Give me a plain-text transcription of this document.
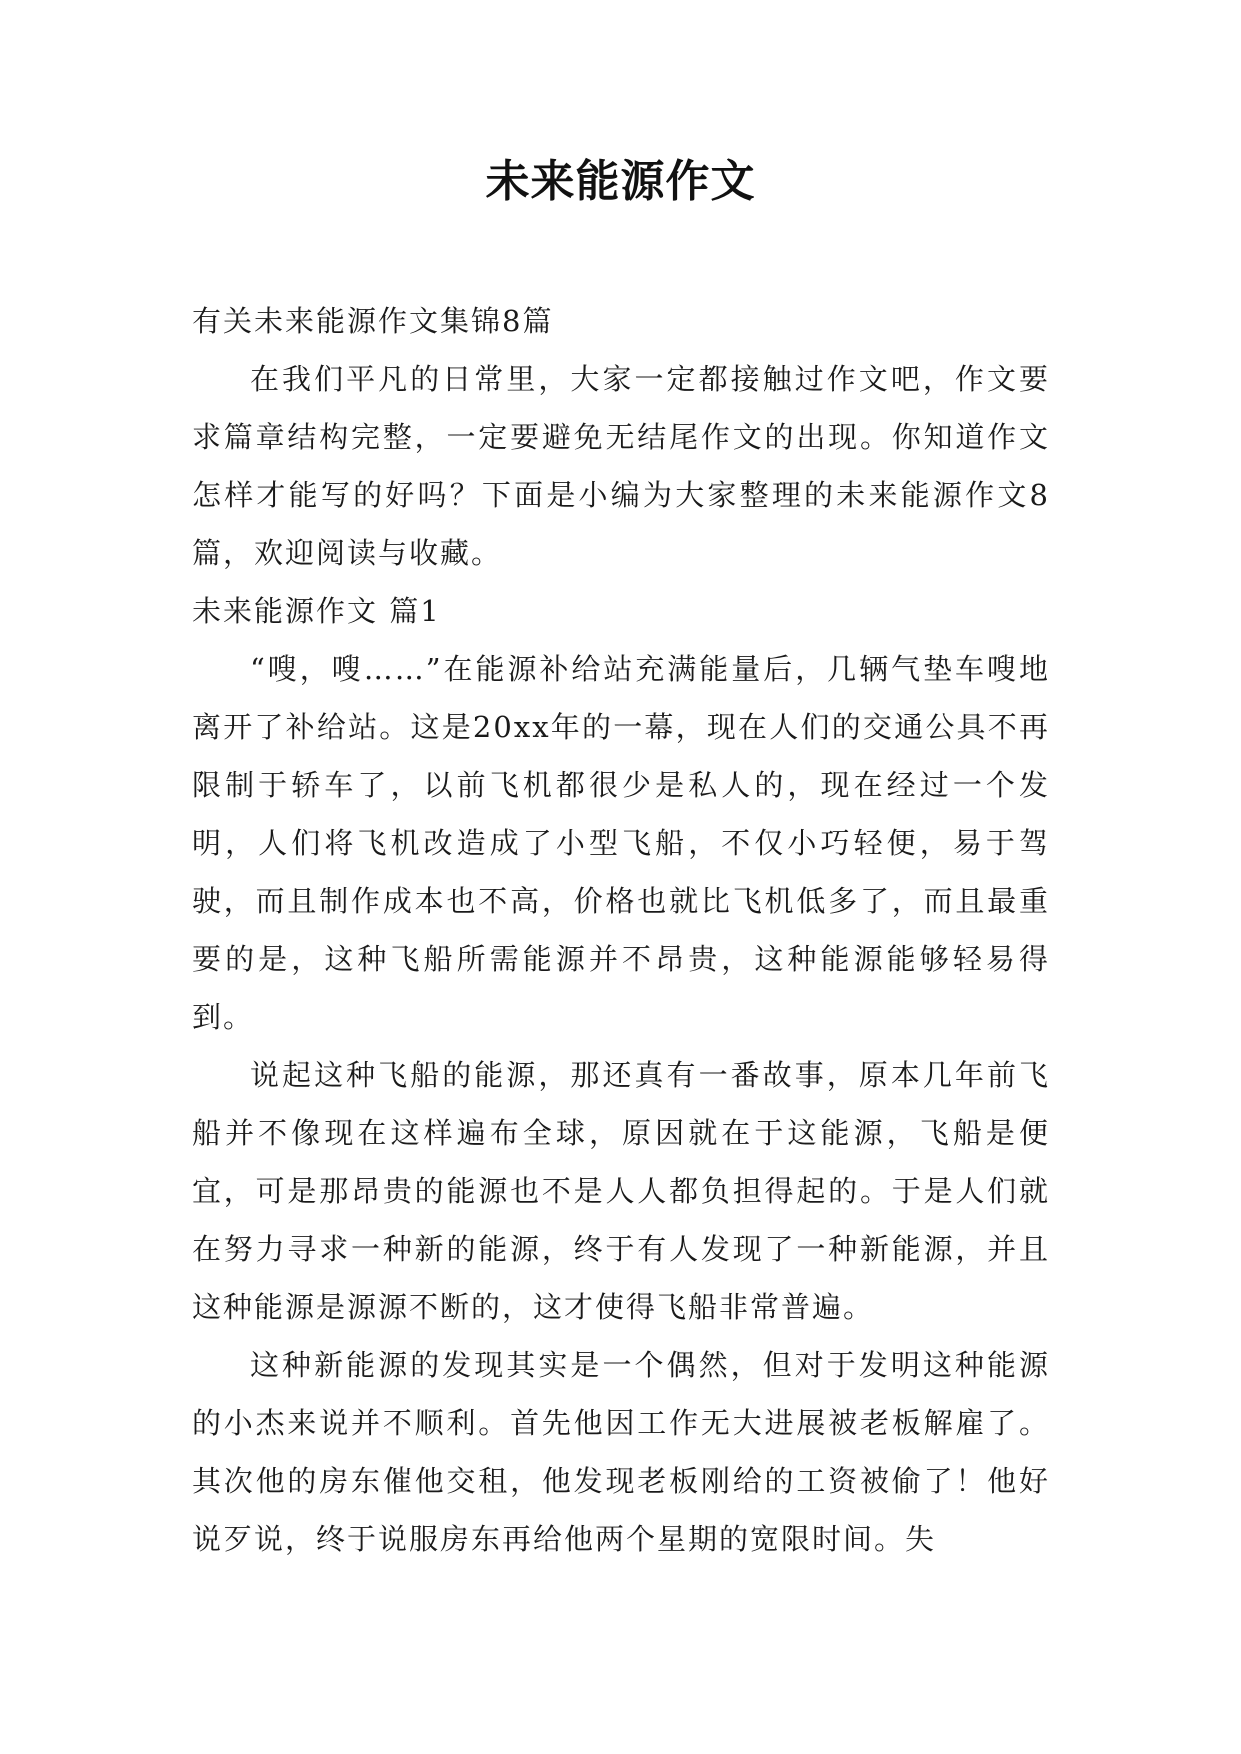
未来能源作文

有关未来能源作文集锦8篇

在我们平凡的日常里，大家一定都接触过作文吧，作文要求篇章结构完整，一定要避免无结尾作文的出现。你知道作文怎样才能写的好吗？下面是小编为大家整理的未来能源作文8篇，欢迎阅读与收藏。

未来能源作文 篇1

“嗖，嗖……”在能源补给站充满能量后，几辆气垫车嗖地离开了补给站。这是20xx年的一幕，现在人们的交通公具不再限制于轿车了，以前飞机都很少是私人的，现在经过一个发明，人们将飞机改造成了小型飞船，不仅小巧轻便，易于驾驶，而且制作成本也不高，价格也就比飞机低多了，而且最重要的是，这种飞船所需能源并不昂贵，这种能源能够轻易得到。

说起这种飞船的能源，那还真有一番故事，原本几年前飞船并不像现在这样遍布全球，原因就在于这能源，飞船是便宜，可是那昂贵的能源也不是人人都负担得起的。于是人们就在努力寻求一种新的能源，终于有人发现了一种新能源，并且这种能源是源源不断的，这才使得飞船非常普遍。

这种新能源的发现其实是一个偶然，但对于发明这种能源的小杰来说并不顺利。首先他因工作无大进展被老板解雇了。其次他的房东催他交租，他发现老板刚给的工资被偷了！他好说歹说，终于说服房东再给他两个星期的宽限时间。失
